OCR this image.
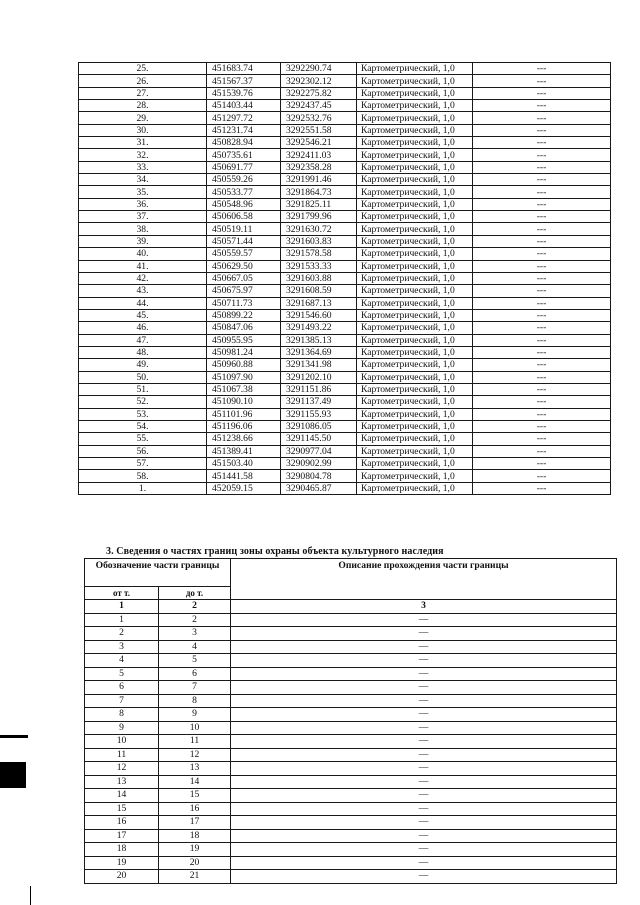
25.	451683.74	3292290.74	Картометрический, 1,0	---
26.	451567.37	3292302.12	Картометрический, 1,0	---
27.	451539.76	3292275.82	Картометрический, 1,0	---
28.	451403.44	3292437.45	Картометрический, 1,0	---
29.	451297.72	3292532.76	Картометрический, 1,0	---
30.	451231.74	3292551.58	Картометрический, 1,0	---
31.	450828.94	3292546.21	Картометрический, 1,0	---
32.	450735.61	3292411.03	Картометрический, 1,0	---
33.	450691.77	3292358.28	Картометрический, 1,0	---
34.	450559.26	3291991.46	Картометрический, 1,0	---
35.	450533.77	3291864.73	Картометрический, 1,0	---
36.	450548.96	3291825.11	Картометрический, 1,0	---
37.	450606.58	3291799.96	Картометрический, 1,0	---
38.	450519.11	3291630.72	Картометрический, 1,0	---
39.	450571.44	3291603.83	Картометрический, 1,0	---
40.	450559.57	3291578.58	Картометрический, 1,0	---
41.	450629.50	3291533.33	Картометрический, 1,0	---
42.	450667.05	3291603.88	Картометрический, 1,0	---
43.	450675.97	3291608.59	Картометрический, 1,0	---
44.	450711.73	3291687.13	Картометрический, 1,0	---
45.	450899.22	3291546.60	Картометрический, 1,0	---
46.	450847.06	3291493.22	Картометрический, 1,0	---
47.	450955.95	3291385.13	Картометрический, 1,0	---
48.	450981.24	3291364.69	Картометрический, 1,0	---
49.	450960.88	3291341.98	Картометрический, 1,0	---
50.	451097.90	3291202.10	Картометрический, 1,0	---
51.	451067.38	3291151.86	Картометрический, 1,0	---
52.	451090.10	3291137.49	Картометрический, 1,0	---
53.	451101.96	3291155.93	Картометрический, 1,0	---
54.	451196.06	3291086.05	Картометрический, 1,0	---
55.	451238.66	3291145.50	Картометрический, 1,0	---
56.	451389.41	3290977.04	Картометрический, 1,0	---
57.	451503.40	3290902.99	Картометрический, 1,0	---
58.	451441.58	3290804.78	Картометрический, 1,0	---
1.	452059.15	3290465.87	Картометрический, 1,0	---
3. Сведения о частях границ зоны охраны объекта культурного наследия
Обозначение части границы		Описание прохождения части границы
от т.	до т.	
1	2	3
1	2	—
2	3	—
3	4	—
4	5	—
5	6	—
6	7	—
7	8	—
8	9	—
9	10	—
10	11	—
11	12	—
12	13	—
13	14	—
14	15	—
15	16	—
16	17	—
17	18	—
18	19	—
19	20	—
20	21	—
